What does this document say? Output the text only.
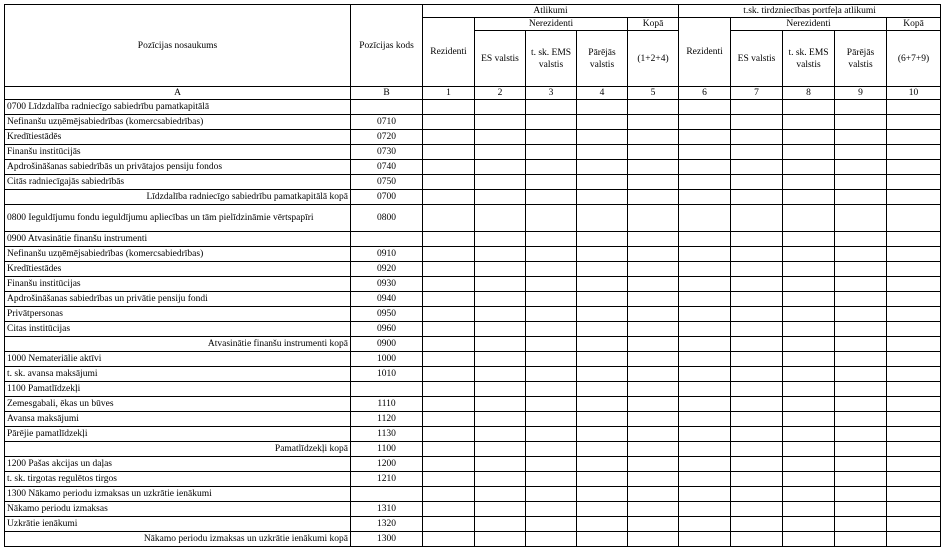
Pozīcijas nosaukums	Pozīcijas kods	Atlikumi					t.sk. tirdzniecības portfeļa atlikumi				
		Rezidenti	Nerezidenti			Kopā	Rezidenti	Nerezidenti			Kopā
			ES valstis	t. sk. EMS valstis	Pārējās valstis	(1+2+4)		ES valstis	t. sk. EMS valstis	Pārējās valstis	(6+7+9)
A	B	1	2	3	4	5	6	7	8	9	10
0700 Līdzdalība radniecīgo sabiedrību pamatkapitālā											
Nefinanšu uzņēmējsabiedrības (komercsabiedrības)	0710										
Kredītiestādēs	0720										
Finanšu institūcijās	0730										
Apdrošināšanas sabiedrībās un privātajos pensiju fondos	0740										
Citās radniecīgajās sabiedrībās	0750										
Līdzdalība radniecīgo sabiedrību pamatkapitālā kopā	0700										
0800 Ieguldījumu fondu ieguldījumu apliecības un tām pielīdzināmie vērtspapīri	0800										
0900 Atvasinātie finanšu instrumenti											
Nefinanšu uzņēmējsabiedrības (komercsabiedrības)	0910										
Kredītiestādes	0920										
Finanšu institūcijas	0930										
Apdrošināšanas sabiedrības un privātie pensiju fondi	0940										
Privātpersonas	0950										
Citas institūcijas	0960										
Atvasinātie finanšu instrumenti kopā	0900										
1000 Nemateriālie aktīvi	1000										
t. sk. avansa maksājumi	1010										
1100 Pamatlīdzekļi											
Zemesgabali, ēkas un būves	1110										
Avansa maksājumi	1120										
Pārējie pamatlīdzekļi	1130										
Pamatlīdzekļi kopā	1100										
1200 Pašas akcijas un daļas	1200										
t. sk. tirgotas regulētos tirgos	1210										
1300 Nākamo periodu izmaksas un uzkrātie ienākumi											
Nākamo periodu izmaksas	1310										
Uzkrātie ienākumi	1320										
Nākamo periodu izmaksas un uzkrātie ienākumi kopā	1300										
